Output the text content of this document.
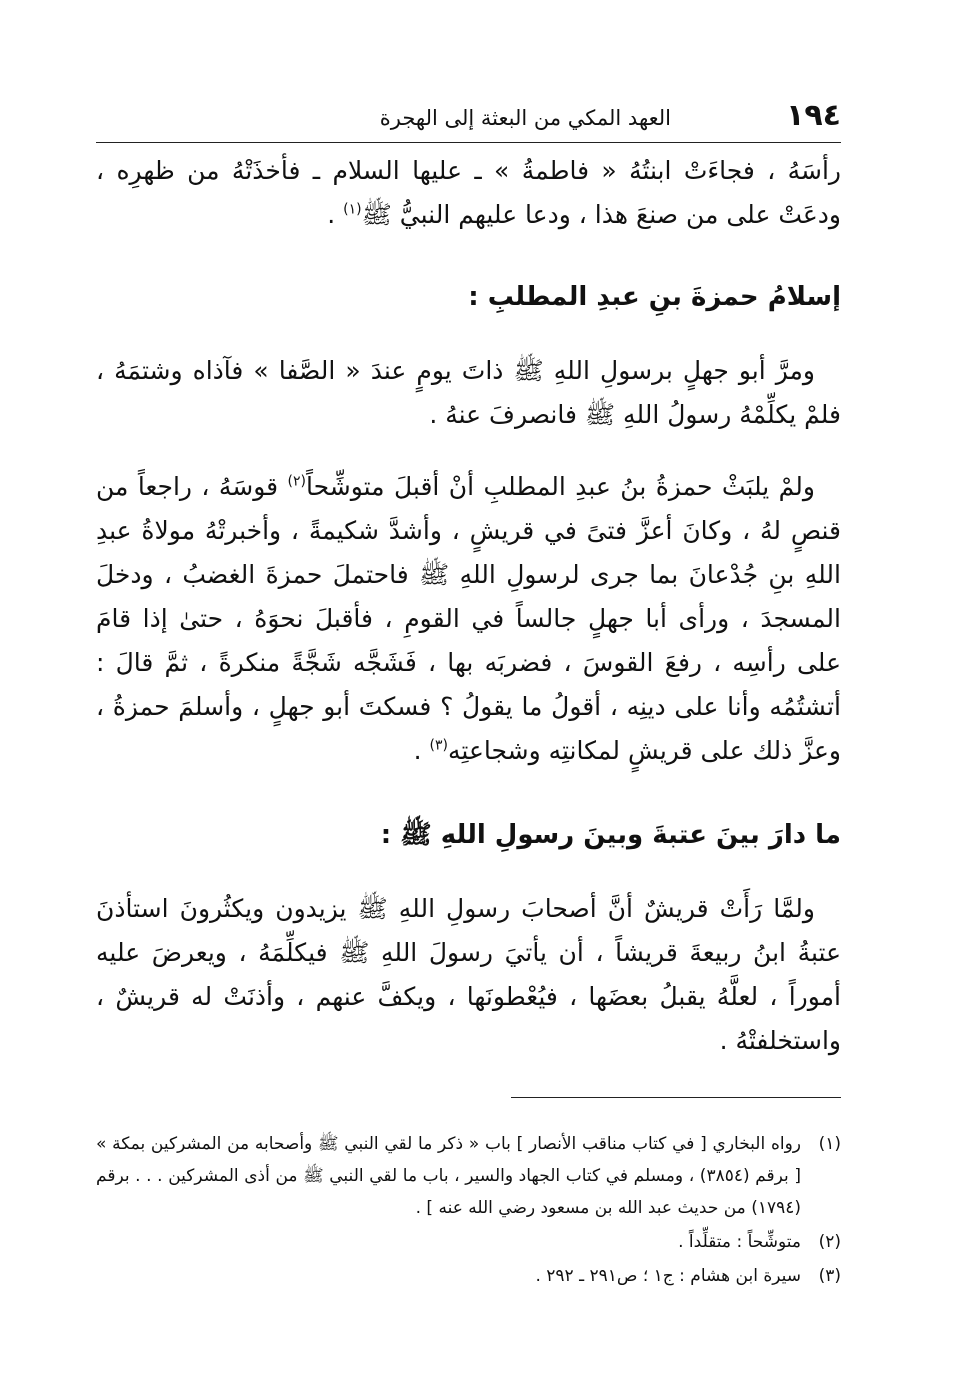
١٩٤
العهد المكي من البعثة إلى الهجرة

رأسَهُ ، فجاءَتْ ابنتُهُ « فاطمةُ » ـ عليها السلام ـ فأخذَتْهُ من ظهرِه ، ودعَتْ على من صنعَ هذا ، ودعا عليهم النبيُّ ﷺ$^{(١)}$ .

إسلامُ حمزةَ بنِ عبدِ المطلبِ :

ومرَّ أبو جهلٍ برسولِ اللهِ ﷺ ذاتَ يومٍ عندَ « الصَّفا » فآذاه وشتمَهُ ، فلمْ يكلِّمْهُ رسولُ اللهِ ﷺ فانصرفَ عنهُ .

ولمْ يلبَثْ حمزةُ بنُ عبدِ المطلبِ أنْ أقبلَ متوشِّحاً$^{(٢)}$ قوسَهُ ، راجعاً من قنصٍ لهُ ، وكانَ أعزَّ فتىً في قريشٍ ، وأشدَّ شكيمةً ، وأخبرتْهُ مولاةُ عبدِ اللهِ بنِ جُدْعانَ بما جرى لرسولِ اللهِ ﷺ فاحتملَ حمزةَ الغضبُ ، ودخلَ المسجدَ ، ورأى أبا جهلٍ جالساً في القومِ ، فأقبلَ نحوَهُ ، حتىٰ إذا قامَ على رأسِه ، رفعَ القوسَ ، فضربَه بها ، فَشَجَّه شَجَّةً منكرةً ، ثمَّ قالَ : أتشتُمُه وأنا على دينِه ، أقولُ ما يقولُ ؟ فسكتَ أبو جهلٍ ، وأسلمَ حمزةُ ، وعزَّ ذلك على قريشٍ لمكانتِه وشجاعتِه$^{(٣)}$ .

ما دارَ بينَ عتبةَ وبينَ رسولِ اللهِ ﷺ :

ولمَّا رَأَتْ قريشٌ أنَّ أصحابَ رسولِ اللهِ ﷺ يزيدون ويكثُرونَ استأذنَ عتبةُ ابنُ ربيعةَ قريشاً ، أن يأتيَ رسولَ اللهِ ﷺ فيكلِّمَهُ ، ويعرضَ عليه أموراً ، لعلَّهُ يقبلُ بعضَها ، فيُعْطونَها ، ويكفَّ عنهم ، وأذنَتْ له قريشٌ ، واستخلفتْهُ .

(١)
رواه البخاري [ في كتاب مناقب الأنصار ] باب « ذكر ما لقي النبي ﷺ وأصحابه من المشركين بمكة » [ برقم (٣٨٥٤) ، ومسلم في كتاب الجهاد والسير ، باب ما لقي النبي ﷺ من أذى المشركين . . . برقم (١٧٩٤) من حديث عبد الله بن مسعود رضي الله عنه ] .
(٢)
متوشِّحاً : متقلِّداً .
(٣)
سيرة ابن هشام : ج١ ؛ ص٢٩١ ـ ٢٩٢ .
